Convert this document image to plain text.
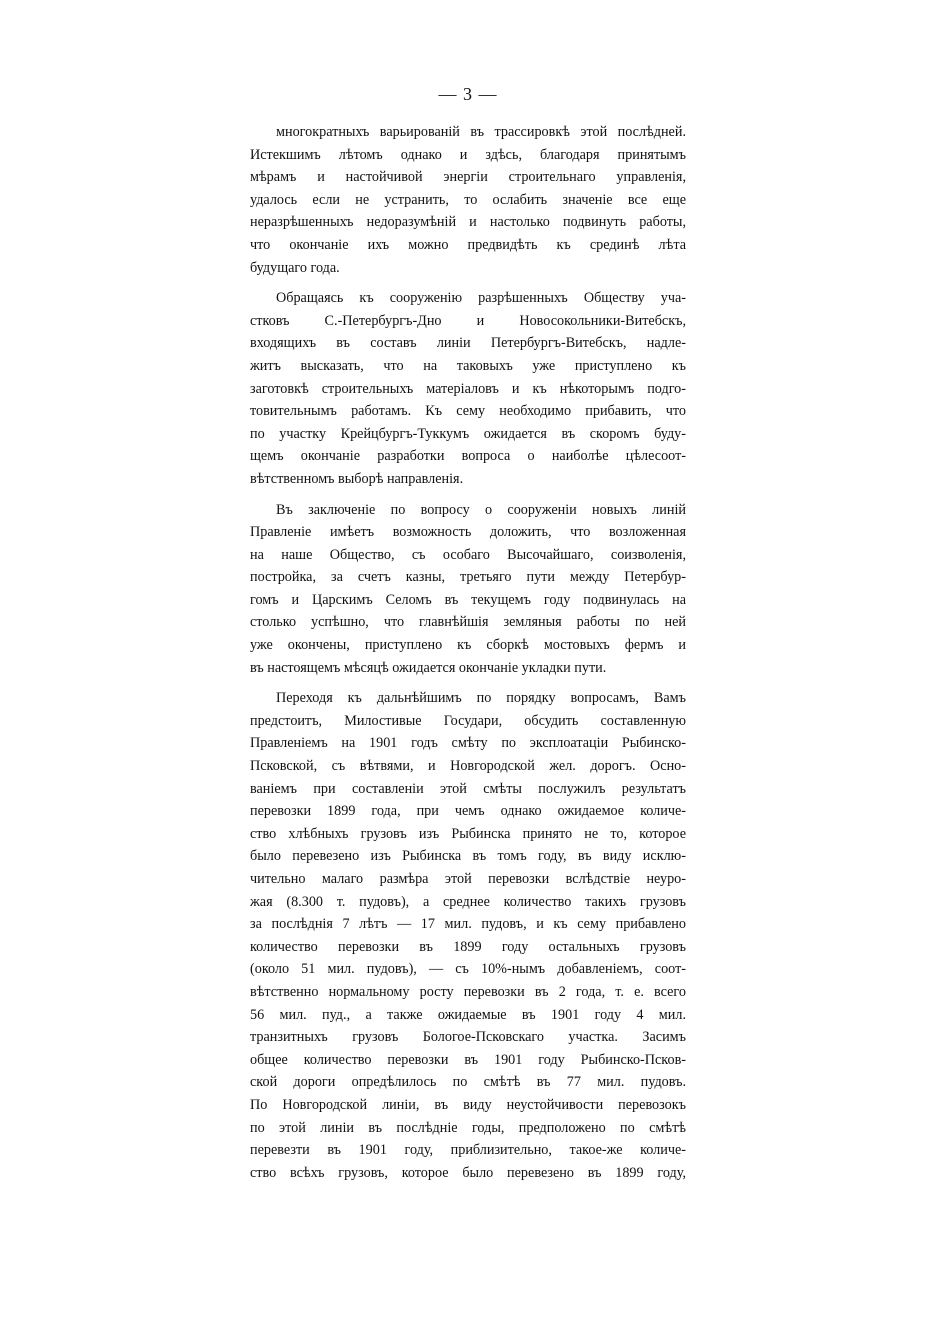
— 3 —
многократныхъ варьированій въ трассировкѣ этой послѣдней.
Истекшимъ лѣтомъ однако и здѣсь, благодаря принятымъ
мѣрамъ и настойчивой энергіи строительнаго управленія,
удалось если не устранить, то ослабить значеніе все еще
неразрѣшенныхъ недоразумѣній и настолько подвинуть работы,
что окончаніе ихъ можно предвидѣть къ срединѣ лѣта
будущаго года.
Обращаясь къ сооруженію разрѣшенныхъ Обществу уча-
стковъ С.-Петербургъ-Дно и Новосокольники-Витебскъ,
входящихъ въ составъ линіи Петербургъ-Витебскъ, надле-
житъ высказать, что на таковыхъ уже приступлено къ
заготовкѣ строительныхъ матеріаловъ и къ нѣкоторымъ подго-
товительнымъ работамъ. Къ сему необходимо прибавить, что
по участку Крейцбургъ-Туккумъ ожидается въ скоромъ буду-
щемъ окончаніе разработки вопроса о наиболѣе цѣлесоот-
вѣтственномъ выборѣ направленія.
Въ заключеніе по вопросу о сооруженіи новыхъ линій
Правленіе имѣетъ возможность доложить, что возложенная
на наше Общество, съ особаго Высочайшаго, соизволенія,
постройка, за счетъ казны, третьяго пути между Петербур-
гомъ и Царскимъ Селомъ въ текущемъ году подвинулась на
столько успѣшно, что главнѣйшія земляныя работы по ней
уже окончены, приступлено къ сборкѣ мостовыхъ фермъ и
въ настоящемъ мѣсяцѣ ожидается окончаніе укладки пути.
Переходя къ дальнѣйшимъ по порядку вопросамъ, Вамъ
предстоитъ, Милостивые Государи, обсудить составленную
Правленіемъ на 1901 годъ смѣту по эксплоатаціи Рыбинско-
Псковской, съ вѣтвями, и Новгородской жел. дорогъ. Осно-
ваніемъ при составленіи этой смѣты послужилъ результатъ
перевозки 1899 года, при чемъ однако ожидаемое количе-
ство хлѣбныхъ грузовъ изъ Рыбинска принято не то, которое
было перевезено изъ Рыбинска въ томъ году, въ виду исклю-
чительно малаго размѣра этой перевозки вслѣдствіе неуро-
жая (8.300 т. пудовъ), а среднее количество такихъ грузовъ
за послѣднія 7 лѣтъ — 17 мил. пудовъ, и къ сему прибавлено
количество перевозки въ 1899 году остальныхъ грузовъ
(около 51 мил. пудовъ), — съ 10%-нымъ добавленіемъ, соот-
вѣтственно нормальному росту перевозки въ 2 года, т. е. всего
56 мил. пуд., а также ожидаемые въ 1901 году 4 мил.
транзитныхъ грузовъ Бологое-Псковскаго участка. Засимъ
общее количество перевозки въ 1901 году Рыбинско-Псков-
ской дороги опредѣлилось по смѣтѣ въ 77 мил. пудовъ.
По Новгородской линіи, въ виду неустойчивости перевозокъ
по этой линіи въ послѣдніе годы, предположено по смѣтѣ
перевезти въ 1901 году, приблизительно, такое-же количе-
ство всѣхъ грузовъ, которое было перевезено въ 1899 году,
